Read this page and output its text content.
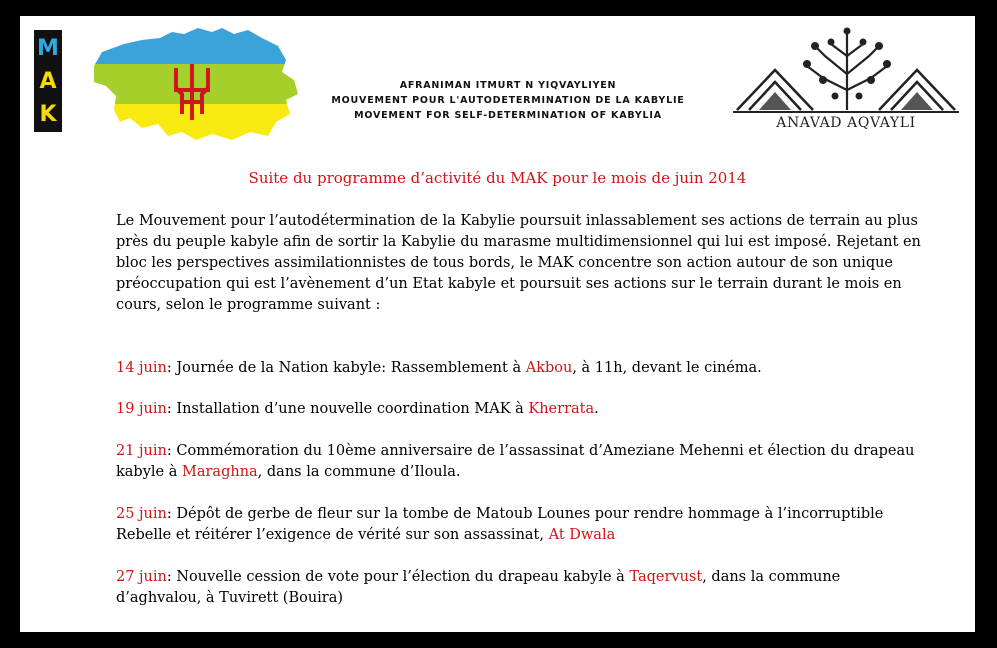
M
A
K
AFRANIMAN ITMURT N YIQVAYLIYEN
MOUVEMENT POUR L'AUTODETERMINATION DE LA KABYLIE
MOVEMENT FOR SELF-DETERMINATION OF KABYLIA	ANAVAD AQVAYLI
Suite du programme d’activité du MAK pour le mois de juin 2014
Le Mouvement pour l’autodétermination de la Kabylie poursuit inlassablement ses actions de terrain au plus près du peuple kabyle afin de sortir la Kabylie du marasme multidimensionnel qui lui est imposé. Rejetant en bloc les perspectives assimilationnistes de tous bords, le MAK concentre son action autour de son unique préoccupation qui est l’avènement d’un Etat kabyle et poursuit ses actions sur le terrain durant le mois en cours, selon le programme suivant :
14 juin: Journée de la Nation kabyle: Rassemblement à Akbou, à 11h, devant le cinéma.
19 juin: Installation d’une nouvelle coordination MAK à Kherrata.
21 juin: Commémoration du 10ème anniversaire de l’assassinat d’Ameziane Mehenni et élection du drapeau kabyle à Maraghna, dans la commune d’Iloula.
25 juin: Dépôt de gerbe de fleur sur la tombe de Matoub Lounes pour rendre hommage à l’incorruptible Rebelle et réitérer l’exigence de vérité sur son assassinat, At Dwala
27 juin: Nouvelle cession de vote pour l’élection du drapeau kabyle à Taqervust, dans la commune d’aghvalou, à Tuvirett (Bouira)
